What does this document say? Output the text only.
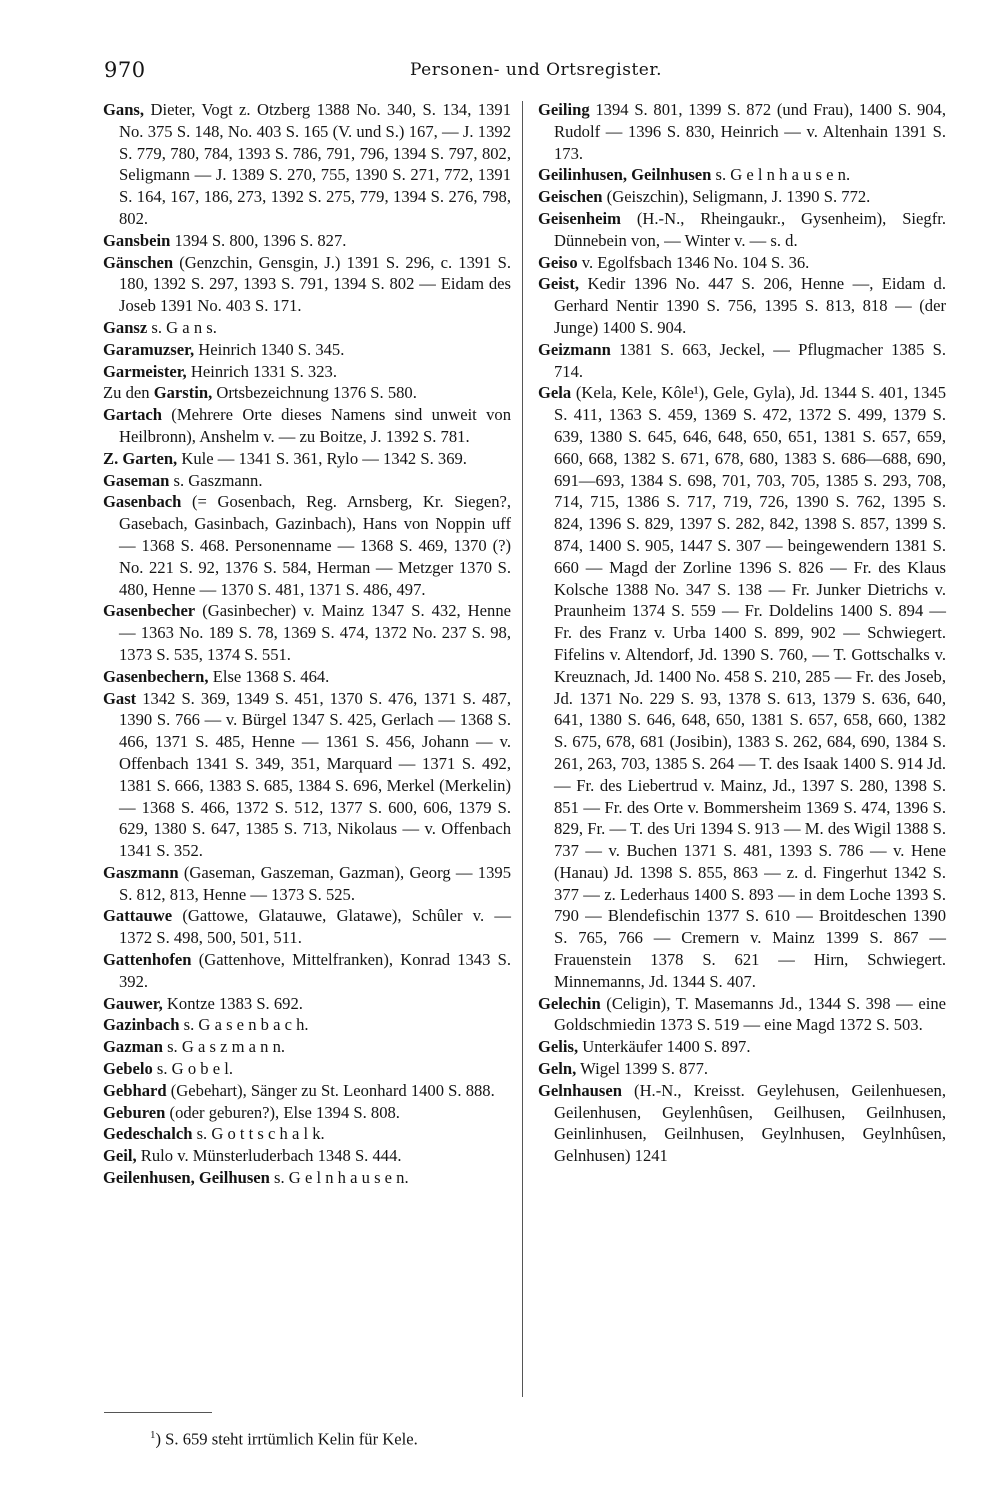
970	Personen- und Ortsregister.

Gans, Dieter, Vogt z. Otzberg 1388 No. 340, S. 134, 1391 No. 375 S. 148, No. 403 S. 165 (V. und S.) 167, — J. 1392 S. 779, 780, 784, 1393 S. 786, 791, 796, 1394 S. 797, 802, Seligmann — J. 1389 S. 270, 755, 1390 S. 271, 772, 1391 S. 164, 167, 186, 273, 1392 S. 275, 779, 1394 S. 276, 798, 802.

Gansbein 1394 S. 800, 1396 S. 827.

Gänschen (Genzchin, Gensgin, J.) 1391 S. 296, c. 1391 S. 180, 1392 S. 297, 1393 S. 791, 1394 S. 802 — Eidam des Joseb 1391 No. 403 S. 171.

Gansz s. G a n s.

Garamuzser, Heinrich 1340 S. 345.

Garmeister, Heinrich 1331 S. 323.

Zu den Garstin, Ortsbezeichnung 1376 S. 580.

Gartach (Mehrere Orte dieses Namens sind unweit von Heilbronn), Anshelm v. — zu Boitze, J. 1392 S. 781.

Z. Garten, Kule — 1341 S. 361, Rylo — 1342 S. 369.

Gaseman s. Gaszmann.

Gasenbach (= Gosenbach, Reg. Arnsberg, Kr. Siegen?, Gasebach, Gasinbach, Gazinbach), Hans von Noppin uff — 1368 S. 468. Personenname — 1368 S. 469, 1370 (?) No. 221 S. 92, 1376 S. 584, Herman — Metzger 1370 S. 480, Henne — 1370 S. 481, 1371 S. 486, 497.

Gasenbecher (Gasinbecher) v. Mainz 1347 S. 432, Henne — 1363 No. 189 S. 78, 1369 S. 474, 1372 No. 237 S. 98, 1373 S. 535, 1374 S. 551.

Gasenbechern, Else 1368 S. 464.

Gast 1342 S. 369, 1349 S. 451, 1370 S. 476, 1371 S. 487, 1390 S. 766 — v. Bürgel 1347 S. 425, Gerlach — 1368 S. 466, 1371 S. 485, Henne — 1361 S. 456, Johann — v. Offenbach 1341 S. 349, 351, Marquard — 1371 S. 492, 1381 S. 666, 1383 S. 685, 1384 S. 696, Merkel (Merkelin) — 1368 S. 466, 1372 S. 512, 1377 S. 600, 606, 1379 S. 629, 1380 S. 647, 1385 S. 713, Nikolaus — v. Offenbach 1341 S. 352.

Gaszmann (Gaseman, Gaszeman, Gazman), Georg — 1395 S. 812, 813, Henne — 1373 S. 525.

Gattauwe (Gattowe, Glatauwe, Glatawe), Schûler v. — 1372 S. 498, 500, 501, 511.

Gattenhofen (Gattenhove, Mittelfranken), Konrad 1343 S. 392.

Gauwer, Kontze 1383 S. 692.

Gazinbach s. G a s e n b a c h.

Gazman s. G a s z m a n n.

Gebelo s. G o b e l.

Gebhard (Gebehart), Sänger zu St. Leonhard 1400 S. 888.

Geburen (oder geburen?), Else 1394 S. 808.

Gedeschalch s. G o t t s c h a l k.

Geil, Rulo v. Münsterluderbach 1348 S. 444.

Geilenhusen, Geilhusen s. G e l n h a u s e n.

Geiling 1394 S. 801, 1399 S. 872 (und Frau), 1400 S. 904, Rudolf — 1396 S. 830, Heinrich — v. Altenhain 1391 S. 173.

Geilinhusen, Geilnhusen s. G e l n h a u s e n.

Geischen (Geiszchin), Seligmann, J. 1390 S. 772.

Geisenheim (H.-N., Rheingaukr., Gysenheim), Siegfr. Dünnebein von, — Winter v. — s. d.

Geiso v. Egolfsbach 1346 No. 104 S. 36.

Geist, Kedir 1396 No. 447 S. 206, Henne —, Eidam d. Gerhard Nentir 1390 S. 756, 1395 S. 813, 818 — (der Junge) 1400 S. 904.

Geizmann 1381 S. 663, Jeckel, — Pflugmacher 1385 S. 714.

Gela (Kela, Kele, Kôle¹), Gele, Gyla), Jd. 1344 S. 401, 1345 S. 411, 1363 S. 459, 1369 S. 472, 1372 S. 499, 1379 S. 639, 1380 S. 645, 646, 648, 650, 651, 1381 S. 657, 659, 660, 668, 1382 S. 671, 678, 680, 1383 S. 686—688, 690, 691—693, 1384 S. 698, 701, 703, 705, 1385 S. 293, 708, 714, 715, 1386 S. 717, 719, 726, 1390 S. 762, 1395 S. 824, 1396 S. 829, 1397 S. 282, 842, 1398 S. 857, 1399 S. 874, 1400 S. 905, 1447 S. 307 — beingewendern 1381 S. 660 — Magd der Zorline 1396 S. 826 — Fr. des Klaus Kolsche 1388 No. 347 S. 138 — Fr. Junker Dietrichs v. Praunheim 1374 S. 559 — Fr. Doldelins 1400 S. 894 — Fr. des Franz v. Urba 1400 S. 899, 902 — Schwiegert. Fifelins v. Altendorf, Jd. 1390 S. 760, — T. Gottschalks v. Kreuznach, Jd. 1400 No. 458 S. 210, 285 — Fr. des Joseb, Jd. 1371 No. 229 S. 93, 1378 S. 613, 1379 S. 636, 640, 641, 1380 S. 646, 648, 650, 1381 S. 657, 658, 660, 1382 S. 675, 678, 681 (Josibin), 1383 S. 262, 684, 690, 1384 S. 261, 263, 703, 1385 S. 264 — T. des Isaak 1400 S. 914 Jd. — Fr. des Liebertrud v. Mainz, Jd., 1397 S. 280, 1398 S. 851 — Fr. des Orte v. Bommersheim 1369 S. 474, 1396 S. 829, Fr. — T. des Uri 1394 S. 913 — M. des Wigil 1388 S. 737 — v. Buchen 1371 S. 481, 1393 S. 786 — v. Hene (Hanau) Jd. 1398 S. 855, 863 — z. d. Fingerhut 1342 S. 377 — z. Lederhaus 1400 S. 893 — in dem Loche 1393 S. 790 — Blendefischin 1377 S. 610 — Broitdeschen 1390 S. 765, 766 — Cremern v. Mainz 1399 S. 867 — Frauenstein 1378 S. 621 — Hirn, Schwiegert. Minnemanns, Jd. 1344 S. 407.

Gelechin (Celigin), T. Masemanns Jd., 1344 S. 398 — eine Goldschmiedin 1373 S. 519 — eine Magd 1372 S. 503.

Gelis, Unterkäufer 1400 S. 897.

Geln, Wigel 1399 S. 877.

Gelnhausen (H.-N., Kreisst. Geylehusen, Geilenhuesen, Geilenhusen, Geylenhûsen, Geilhusen, Geilnhusen, Geinlinhusen, Geilnhusen, Geylnhusen, Geylnhûsen, Gelnhusen) 1241

$^1$) S. 659 steht irrtümlich Kelin für Kele.
